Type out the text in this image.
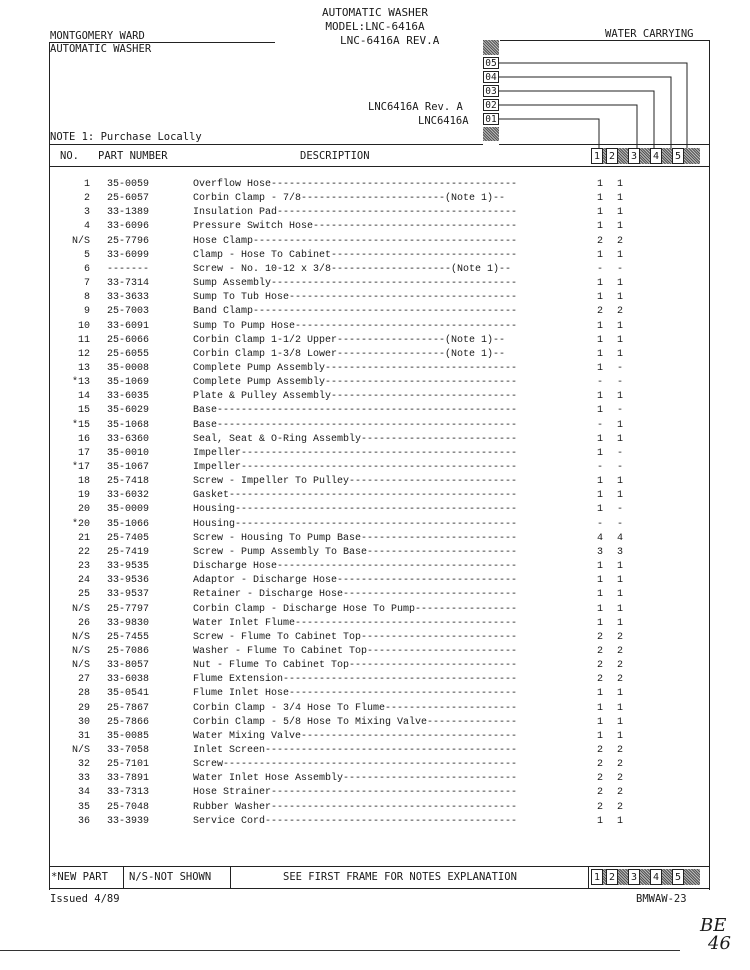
AUTOMATIC WASHER
MODEL:LNC-6416A
LNC-6416A REV.A
MONTGOMERY WARD
AUTOMATIC WASHER
WATER CARRYING
05
04
03
02
01
LNC6416A Rev. A
LNC6416A
NOTE 1: Purchase Locally
NO. PART NUMBER	DESCRIPTION	1 2 3 4 5
1 35-0059	Overflow Hose-----------------------------------------	1 1
2 25-6057	Corbin Clamp - 7/8------------------------(Note 1)--	1 1
3 33-1389	Insulation Pad----------------------------------------	1 1
4 33-6096	Pressure Switch Hose----------------------------------	1 1
N/S 25-7796	Hose Clamp--------------------------------------------	2 2
5 33-6099	Clamp - Hose To Cabinet-------------------------------	1 1
6 -------	Screw - No. 10-12 x 3/8--------------------(Note 1)--	- -
7 33-7314	Sump Assembly-----------------------------------------	1 1
8 33-3633	Sump To Tub Hose--------------------------------------	1 1
9 25-7003	Band Clamp--------------------------------------------	2 2
10 33-6091	Sump To Pump Hose-------------------------------------	1 1
11 25-6066	Corbin Clamp 1-1/2 Upper------------------(Note 1)--	1 1
12 25-6055	Corbin Clamp 1-3/8 Lower------------------(Note 1)--	1 1
13 35-0008	Complete Pump Assembly--------------------------------	1 -
*13 35-1069	Complete Pump Assembly--------------------------------	- -
14 33-6035	Plate & Pulley Assembly-------------------------------	1 1
15 35-6029	Base--------------------------------------------------	1 -
*15 35-1068	Base--------------------------------------------------	- 1
16 33-6360	Seal, Seat & O-Ring Assembly--------------------------	1 1
17 35-0010	Impeller----------------------------------------------	1 -
*17 35-1067	Impeller----------------------------------------------	- -
18 25-7418	Screw - Impeller To Pulley----------------------------	1 1
19 33-6032	Gasket------------------------------------------------	1 1
20 35-0009	Housing-----------------------------------------------	1 -
*20 35-1066	Housing-----------------------------------------------	- -
21 25-7405	Screw - Housing To Pump Base--------------------------	4 4
22 25-7419	Screw - Pump Assembly To Base-------------------------	3 3
23 33-9535	Discharge Hose----------------------------------------	1 1
24 33-9536	Adaptor - Discharge Hose------------------------------	1 1
25 33-9537	Retainer - Discharge Hose-----------------------------	1 1
N/S 25-7797	Corbin Clamp - Discharge Hose To Pump-----------------	1 1
26 33-9830	Water Inlet Flume-------------------------------------	1 1
N/S 25-7455	Screw - Flume To Cabinet Top--------------------------	2 2
N/S 25-7086	Washer - Flume To Cabinet Top-------------------------	2 2
N/S 33-8057	Nut - Flume To Cabinet Top----------------------------	2 2
27 33-6038	Flume Extension---------------------------------------	2 2
28 35-0541	Flume Inlet Hose--------------------------------------	1 1
29 25-7867	Corbin Clamp - 3/4 Hose To Flume----------------------	1 1
30 25-7866	Corbin Clamp - 5/8 Hose To Mixing Valve---------------	1 1
31 35-0085	Water Mixing Valve------------------------------------	1 1
N/S 33-7058	Inlet Screen------------------------------------------	2 2
32 25-7101	Screw-------------------------------------------------	2 2
33 33-7891	Water Inlet Hose Assembly-----------------------------	2 2
34 33-7313	Hose Strainer-----------------------------------------	2 2
35 25-7048	Rubber Washer-----------------------------------------	2 2
36 33-3939	Service Cord------------------------------------------	1 1
*NEW PART N/S-NOT SHOWN	SEE FIRST FRAME FOR NOTES EXPLANATION	1 2 3 4 5
Issued 4/89	BMWAW-23
BE
46
